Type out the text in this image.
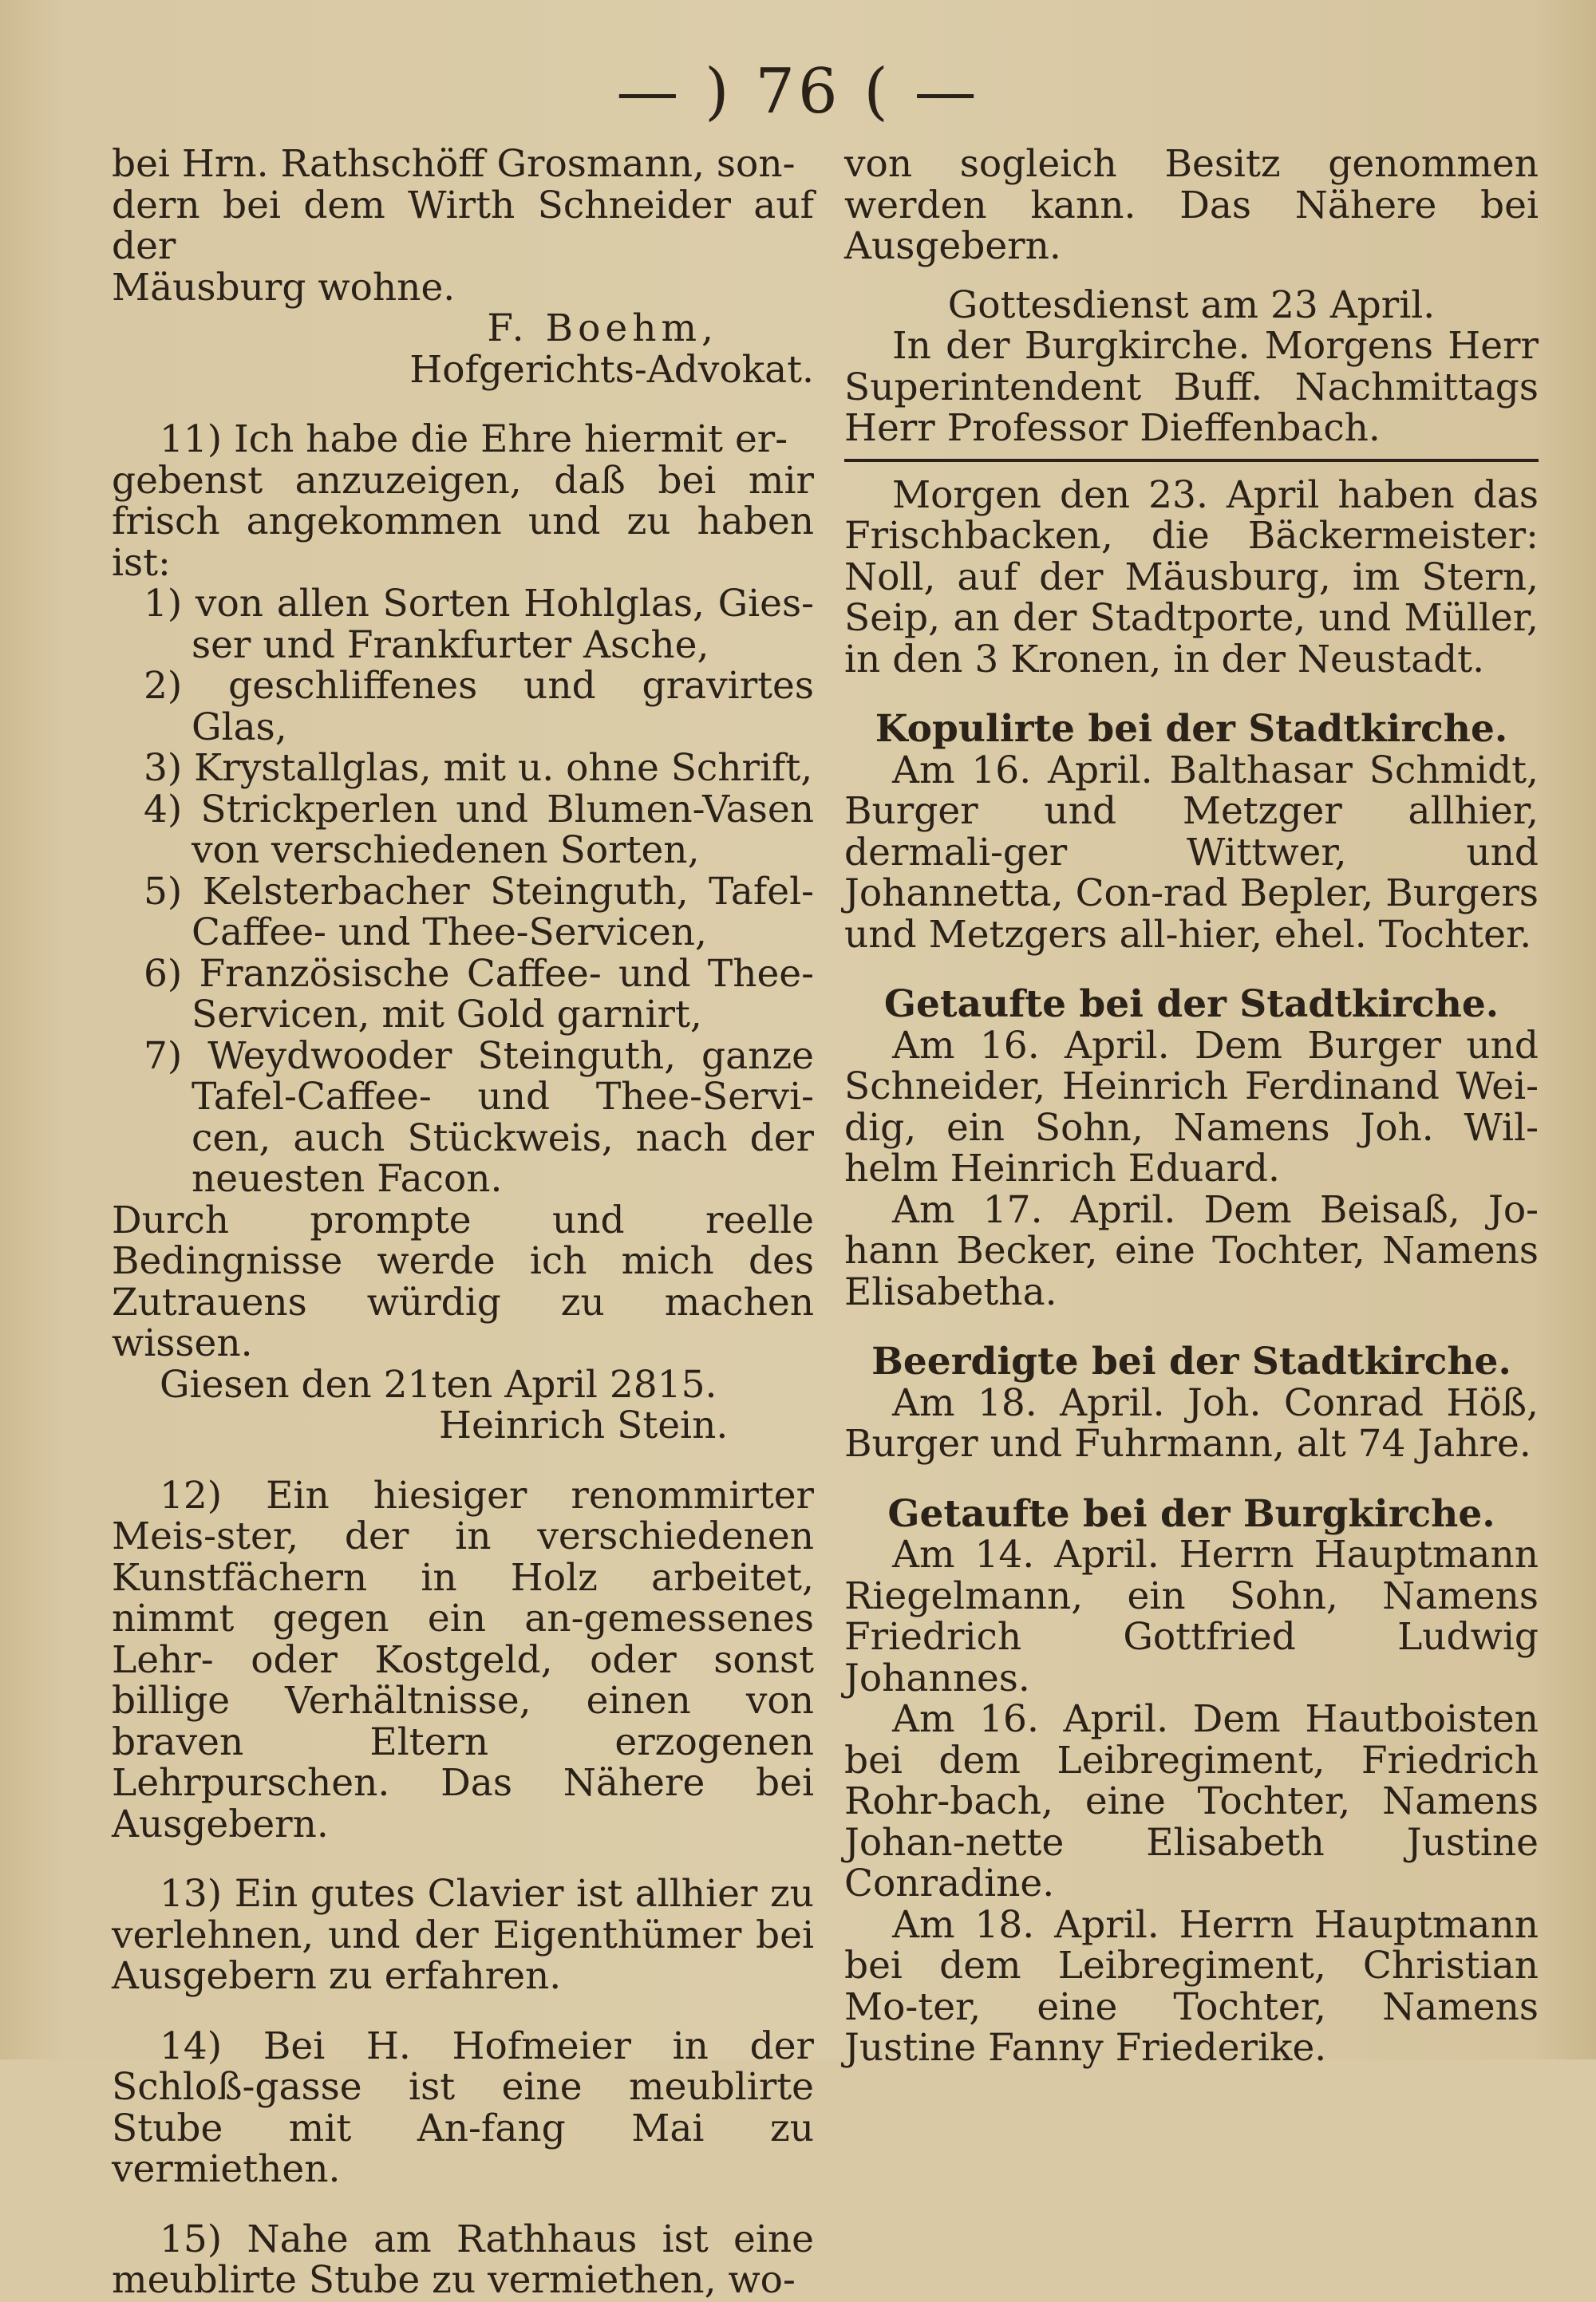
— ) 76 ( —

bei Hrn. Rathschöff Grosmann, son-

dern bei dem Wirth Schneider auf der

Mäusburg wohne.

F. Boehm,

Hofgerichts-Advokat.

11) Ich habe die Ehre hiermit er-

gebenst anzuzeigen, daß bei mir frisch angekommen und zu haben ist:

1) von allen Sorten Hohlglas, Gies-ser und Frankfurter Asche,

2) geschliffenes und gravirtes Glas,

3) Krystallglas, mit u. ohne Schrift,

4) Strickperlen und Blumen-Vasen von verschiedenen Sorten,

5) Kelsterbacher Steinguth, Tafel-Caffee- und Thee-Servicen,

6) Französische Caffee- und Thee-Servicen, mit Gold garnirt,

7) Weydwooder Steinguth, ganze Tafel-Caffee- und Thee-Servi-cen, auch Stückweis, nach der neuesten Facon.

Durch prompte und reelle Bedingnisse werde ich mich des Zutrauens würdig zu machen wissen.

Giesen den 21ten April 2815.

Heinrich Stein.

12) Ein hiesiger renommirter Meis-ster, der in verschiedenen Kunstfächern in Holz arbeitet, nimmt gegen ein an-gemessenes Lehr- oder Kostgeld, oder sonst billige Verhältnisse, einen von braven Eltern erzogenen Lehrpurschen. Das Nähere bei Ausgebern.

13) Ein gutes Clavier ist allhier zu verlehnen, und der Eigenthümer bei Ausgebern zu erfahren.

14) Bei H. Hofmeier in der Schloß-gasse ist eine meublirte Stube mit An-fang Mai zu vermiethen.

15) Nahe am Rathhaus ist eine meublirte Stube zu vermiethen, wo-

von sogleich Besitz genommen werden kann. Das Nähere bei Ausgebern.

Gottesdienst am 23 April.

In der Burgkirche. Morgens Herr Superintendent Buff. Nachmittags Herr Professor Dieffenbach.

Morgen den 23. April haben das Frischbacken, die Bäckermeister: Noll, auf der Mäusburg, im Stern, Seip, an der Stadtporte, und Müller, in den 3 Kronen, in der Neustadt.

Kopulirte bei der Stadtkirche.

Am 16. April. Balthasar Schmidt, Burger und Metzger allhier, dermali-ger Wittwer, und Johannetta, Con-rad Bepler, Burgers und Metzgers all-hier, ehel. Tochter.

Getaufte bei der Stadtkirche.

Am 16. April. Dem Burger und Schneider, Heinrich Ferdinand Wei-dig, ein Sohn, Namens Joh. Wil-helm Heinrich Eduard.

Am 17. April. Dem Beisaß, Jo-hann Becker, eine Tochter, Namens Elisabetha.

Beerdigte bei der Stadtkirche.

Am 18. April. Joh. Conrad Höß, Burger und Fuhrmann, alt 74 Jahre.

Getaufte bei der Burgkirche.

Am 14. April. Herrn Hauptmann Riegelmann, ein Sohn, Namens Friedrich Gottfried Ludwig Johannes.

Am 16. April. Dem Hautboisten bei dem Leibregiment, Friedrich Rohr-bach, eine Tochter, Namens Johan-nette Elisabeth Justine Conradine.

Am 18. April. Herrn Hauptmann bei dem Leibregiment, Christian Mo-ter, eine Tochter, Namens Justine Fanny Friederike.
